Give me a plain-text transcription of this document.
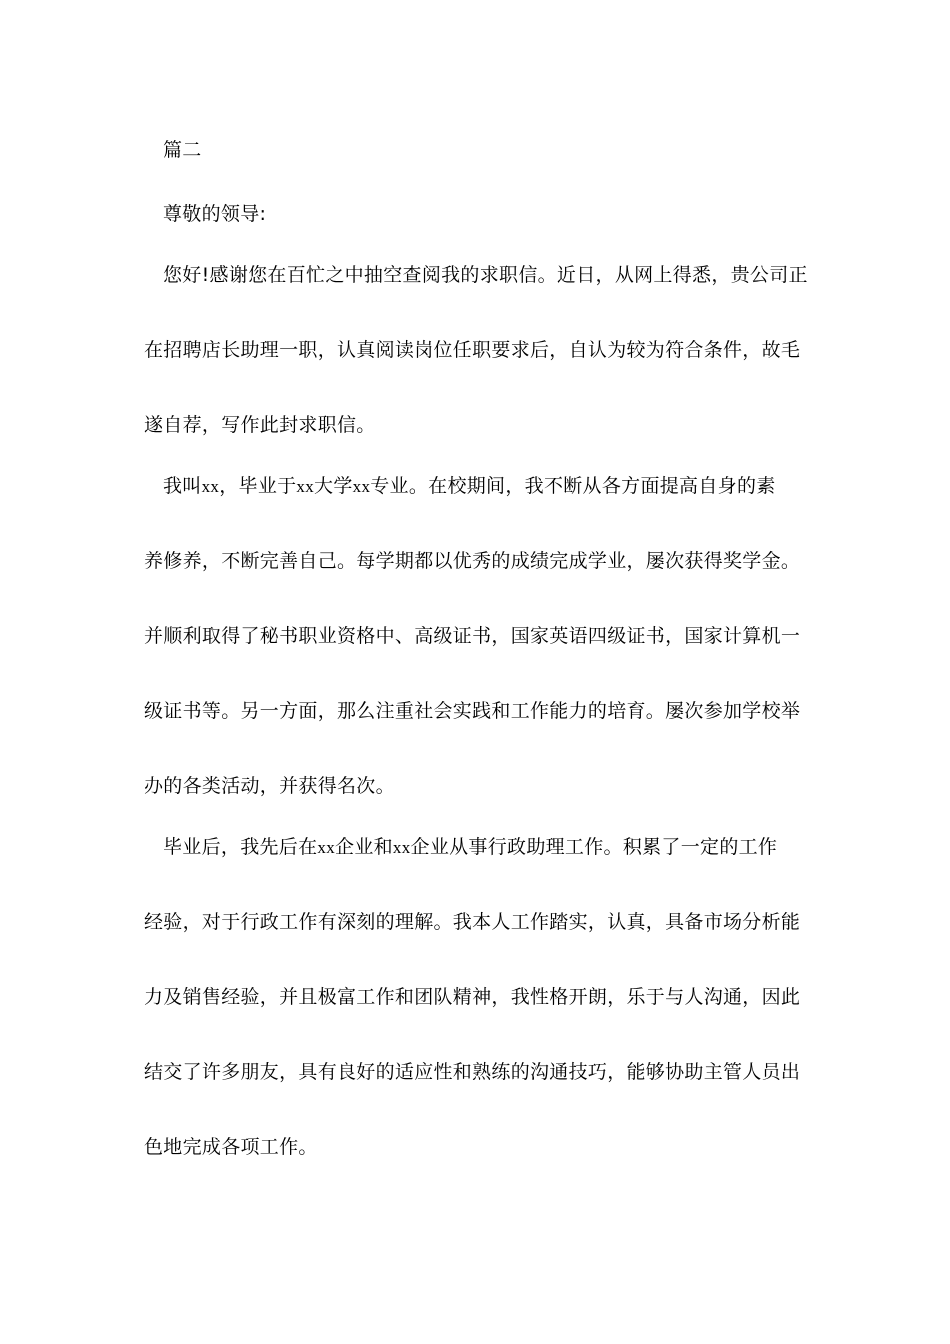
篇二
尊敬的领导:
您好!感谢您在百忙之中抽空查阅我的求职信。近日，从网上得悉，贵公司正
在招聘店长助理一职，认真阅读岗位任职要求后，自认为较为符合条件，故毛
遂自荐，写作此封求职信。
我叫xx，毕业于xx大学xx专业。在校期间，我不断从各方面提高自身的素
养修养，不断完善自己。每学期都以优秀的成绩完成学业，屡次获得奖学金。
并顺利取得了秘书职业资格中、高级证书，国家英语四级证书，国家计算机一
级证书等。另一方面，那么注重社会实践和工作能力的培育。屡次参加学校举
办的各类活动，并获得名次。
毕业后，我先后在xx企业和xx企业从事行政助理工作。积累了一定的工作
经验，对于行政工作有深刻的理解。我本人工作踏实，认真，具备市场分析能
力及销售经验，并且极富工作和团队精神，我性格开朗，乐于与人沟通，因此
结交了许多朋友，具有良好的适应性和熟练的沟通技巧，能够协助主管人员出
色地完成各项工作。
